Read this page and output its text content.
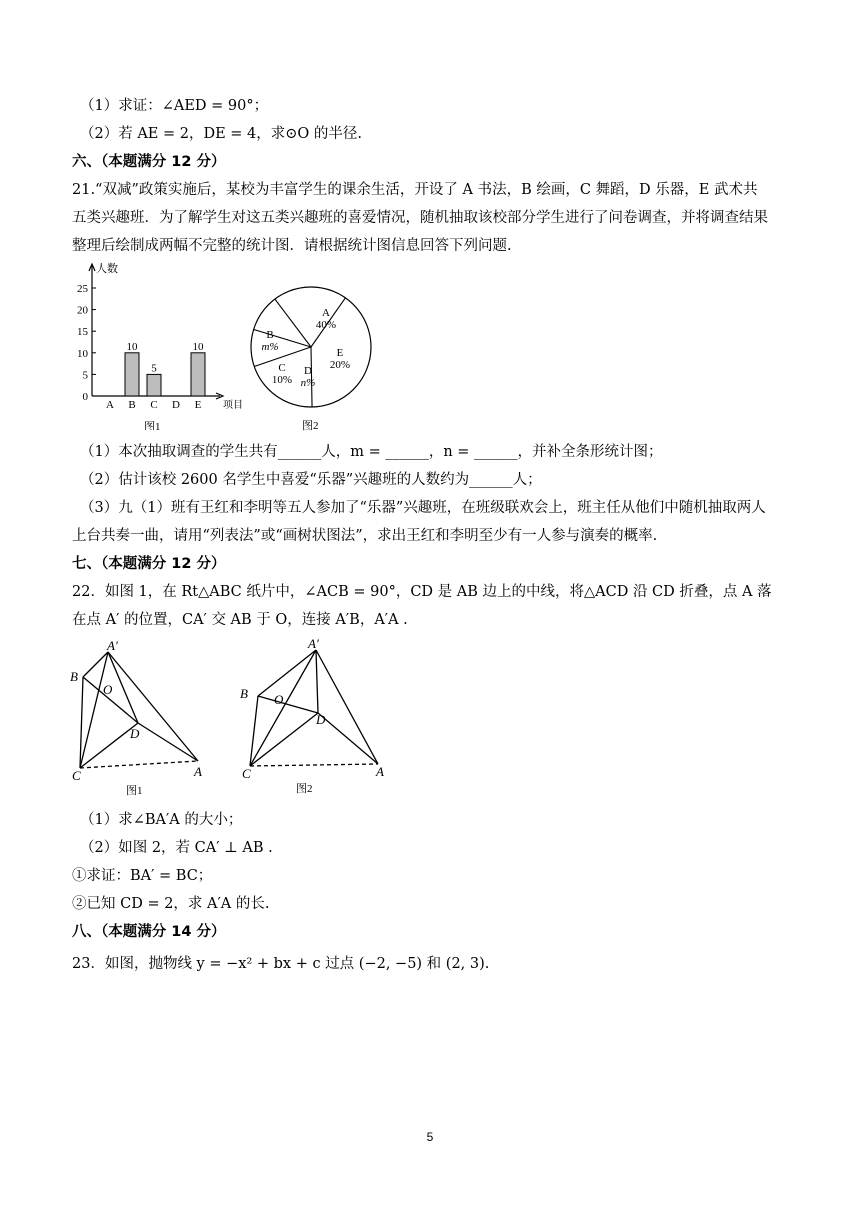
（1）求证：∠AED = 90°；
（2）若 AE = 2，DE = 4，求⊙O 的半径.
六、（本题满分 12 分）
21.“双减”政策实施后，某校为丰富学生的课余生活，开设了 A 书法，B 绘画，C 舞蹈，D 乐器，E 武术共
五类兴趣班．为了解学生对这五类兴趣班的喜爱情况，随机抽取该校部分学生进行了问卷调查，并将调查结果
整理后绘制成两幅不完整的统计图．请根据统计图信息回答下列问题.
0
5
10
15
20
25
A B
10
C
5
D E
10
人数
项目
图1
A
40%
E
20%
D
n%
C
10%
B
m%
图2
（1）本次抽取调查的学生共有______人，m = ______，n = ______，并补全条形统计图；
（2）估计该校 2600 名学生中喜爱“乐器”兴趣班的人数约为______人；
（3）九（1）班有王红和李明等五人参加了“乐器”兴趣班，在班级联欢会上，班主任从他们中随机抽取两人
上台共奏一曲，请用“列表法”或“画树状图法”，求出王红和李明至少有一人参与演奏的概率.
七、（本题满分 12 分）
22．如图 1，在 Rt△ABC 纸片中，∠ACB = 90°，CD 是 AB 边上的中线，将△ACD 沿 CD 折叠，点 A 落
在点 A′ 的位置，CA′ 交 AB 于 O，连接 A′B，A′A .
A′
B
O
D
C	A
图1
A′
B O
D
C	A
图2
（1）求∠BA′A 的大小；
（2）如图 2，若 CA′ ⊥ AB .
①求证：BA′ = BC；
②已知 CD = 2，求 A′A 的长.
八、（本题满分 14 分）
23．如图，抛物线 y = −x² + bx + c 过点 (−2, −5) 和 (2, 3).
5
